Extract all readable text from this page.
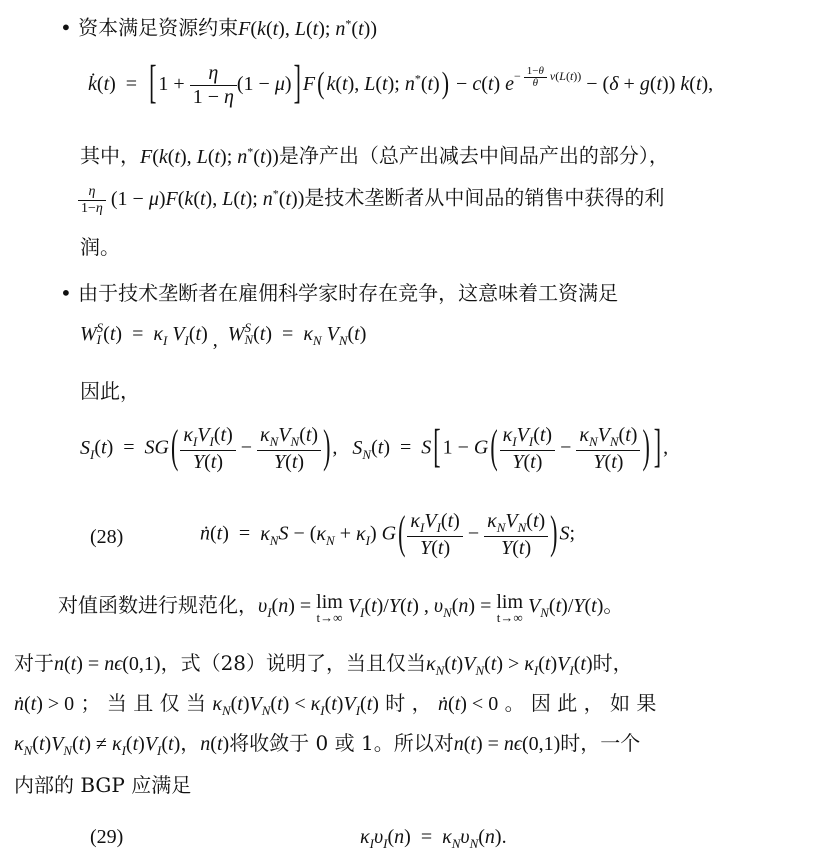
• 资本满足资源约束F(k(t), L(t); n*(t))
k̇(t)  =  [ $1 + \frac{\eta}{1 - \eta} (1 - \mu)$] F( k(t), L(t); n*(t)) − c(t) $e^{- \frac{1-\theta}{\theta} \nu(L(t))} - (\delta + g(t))$ k(t),
其中，F(k(t), L(t); n*(t))是净产出（总产出减去中间品产出的部分），
$\frac{\eta}{1-\eta} (1 - \mu)F(k(t)$, L(t); n*(t))是技术垄断者从中间品的销售中获得的利
润。
• 由于技术垄断者在雇佣科学家时存在竞争，这意味着工资满足
W S
I $(t) = \kappa_I$ $V_I(t)$ , W S
N $(t) = \kappa_N$ $V_N(t)$
因此，
$S_I(t) = SG( \frac{\kappa_IV_I(t)}{Y(t)} - \frac{\kappa_NV_N(t)}{Y(t)}$ ) ,   $S_N(t) = S$[ $1 - G( \frac{\kappa_IV_I(t)}{Y(t)} - \frac{\kappa_NV_N(t)}{Y(t)}$ ) ] ,
(28)	ṅ(t)  =  $\kappa_NS - (\kappa_N + \kappa_I)$ $G( \frac{\kappa_IV_I(t)}{Y(t)} - \frac{\kappa_NV_N(t)}{Y(t)}$ ) S;
对值函数进行规范化，$\upsilon_I(n) = \lim$
t→∞
$V_I(t)/Y(t)$ , $\upsilon_N(n) = \lim$
t→∞
$V_N(t)/Y(t)$。
对于n(t) = nϵ(0,1)，式（28）说明了，当且仅当$\kappa_N(t)V_N(t) > \kappa_I(t)V_I(t)$时，
ṅ(t) > 0 ； 当 且 仅 当 $\kappa_N(t)V_N(t) < \kappa_I(t)V_I(t)$ 时 ， ṅ(t) < 0 。 因 此 ， 如 果
$\kappa_N(t)V_N(t) \ne \kappa_I(t)V_I(t)$，n(t)将收敛于 0 或 1。所以对n(t) = nϵ(0,1)时，一个
内部的 BGP 应满足
(29)	$\kappa_I\upsilon_I(n) = \kappa_N\upsilon_N(n)$.
